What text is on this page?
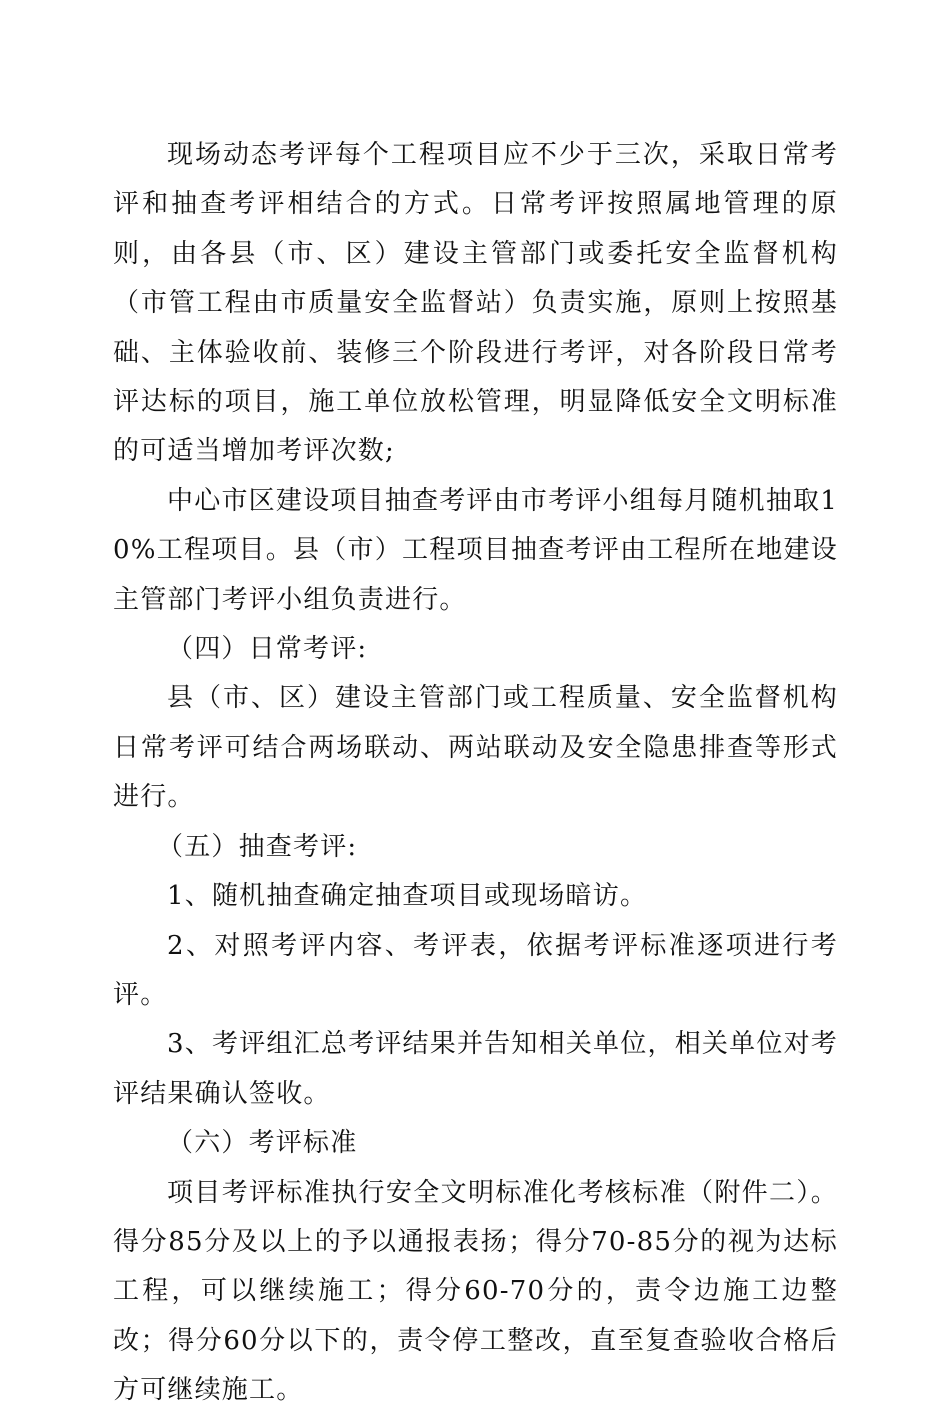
现场动态考评每个工程项目应不少于三次，采取日常考评和抽查考评相结合的方式。日常考评按照属地管理的原则，由各县（市、区）建设主管部门或委托安全监督机构（市管工程由市质量安全监督站）负责实施，原则上按照基础、主体验收前、装修三个阶段进行考评，对各阶段日常考评达标的项目，施工单位放松管理，明显降低安全文明标准的可适当增加考评次数;

中心市区建设项目抽查考评由市考评小组每月随机抽取10%工程项目。县（市）工程项目抽查考评由工程所在地建设主管部门考评小组负责进行。

（四）日常考评:

县（市、区）建设主管部门或工程质量、安全监督机构日常考评可结合两场联动、两站联动及安全隐患排查等形式进行。

（五）抽查考评:

1、随机抽查确定抽查项目或现场暗访。

2、对照考评内容、考评表，依据考评标准逐项进行考评。

3、考评组汇总考评结果并告知相关单位，相关单位对考评结果确认签收。

（六）考评标准

项目考评标准执行安全文明标准化考核标准（附件二）。得分85分及以上的予以通报表扬；得分70-85分的视为达标工程，可以继续施工；得分60-70分的，责令边施工边整改；得分60分以下的，责令停工整改，直至复查验收合格后方可继续施工。
